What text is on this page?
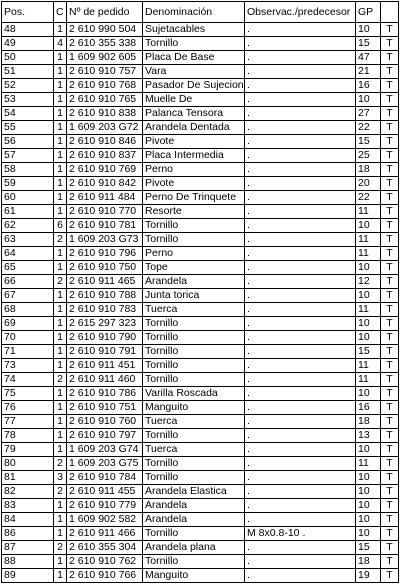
Pos.	C	Nº de pedido	Denominación	Observac./predecesor	GP	
48	1	2 610 990 504	Sujetacables	.	10	T
49	4	2 610 355 338	Tornillo	.	15	T
50	1	1 609 902 605	Placa De Base	.	47	T
51	1	2 610 910 757	Vara	.	21	T
52	1	2 610 910 768	Pasador De Sujecion	.	16	T
53	1	2 610 910 765	Muelle De	.	10	T
54	1	2 610 910 838	Palanca Tensora	.	27	T
55	1	1 609 203 G72	Arandela Dentada	.	22	T
56	1	2 610 910 846	Pivote	.	15	T
57	1	2 610 910 837	Placa Intermedia	.	25	T
58	1	2 610 910 769	Perno	.	18	T
59	1	2 610 910 842	Pivote	.	20	T
60	1	2 610 911 484	Perno De Trinquete	.	22	T
61	1	2 610 910 770	Resorte	.	11	T
62	6	2 610 910 781	Tornillo	.	10	T
63	2	1 609 203 G73	Tornillo	.	11	T
64	1	2 610 910 796	Perno	.	11	T
65	1	2 610 910 750	Tope	.	10	T
66	2	2 610 911 465	Arandela	.	12	T
67	1	2 610 910 788	Junta torica	.	10	T
68	1	2 610 910 783	Tuerca	.	11	T
69	1	2 615 297 323	Tornillo	.	10	T
70	1	2 610 910 790	Tornillo	.	10	T
71	1	2 610 910 791	Tornillo	.	15	T
73	1	2 610 911 451	Tornillo	.	11	T
74	2	2 610 911 460	Tornillo	.	11	T
75	1	2 610 910 786	Varilla Roscada	.	10	T
76	1	2 610 910 751	Manguito	.	16	T
77	1	2 610 910 760	Tuerca	.	18	T
78	1	2 610 910 797	Tornillo	.	13	T
79	1	1 609 203 G74	Tuerca	.	10	T
80	2	1 609 203 G75	Tornillo	.	11	T
81	3	2 610 910 784	Tornillo	.	10	T
82	2	2 610 911 455	Arandela Elastica	.	10	T
83	1	2 610 910 779	Arandela	.	10	T
84	1	1 609 902 582	Arandela	.	10	T
86	1	2 610 911 466	Tornillo	M 8x0.8-10 .	10	T
87	2	2 610 355 304	Arandela plana	.	15	T
88	1	2 610 910 762	Tornillo	.	18	T
89	1	2 610 910 766	Manguito	.	19	T
